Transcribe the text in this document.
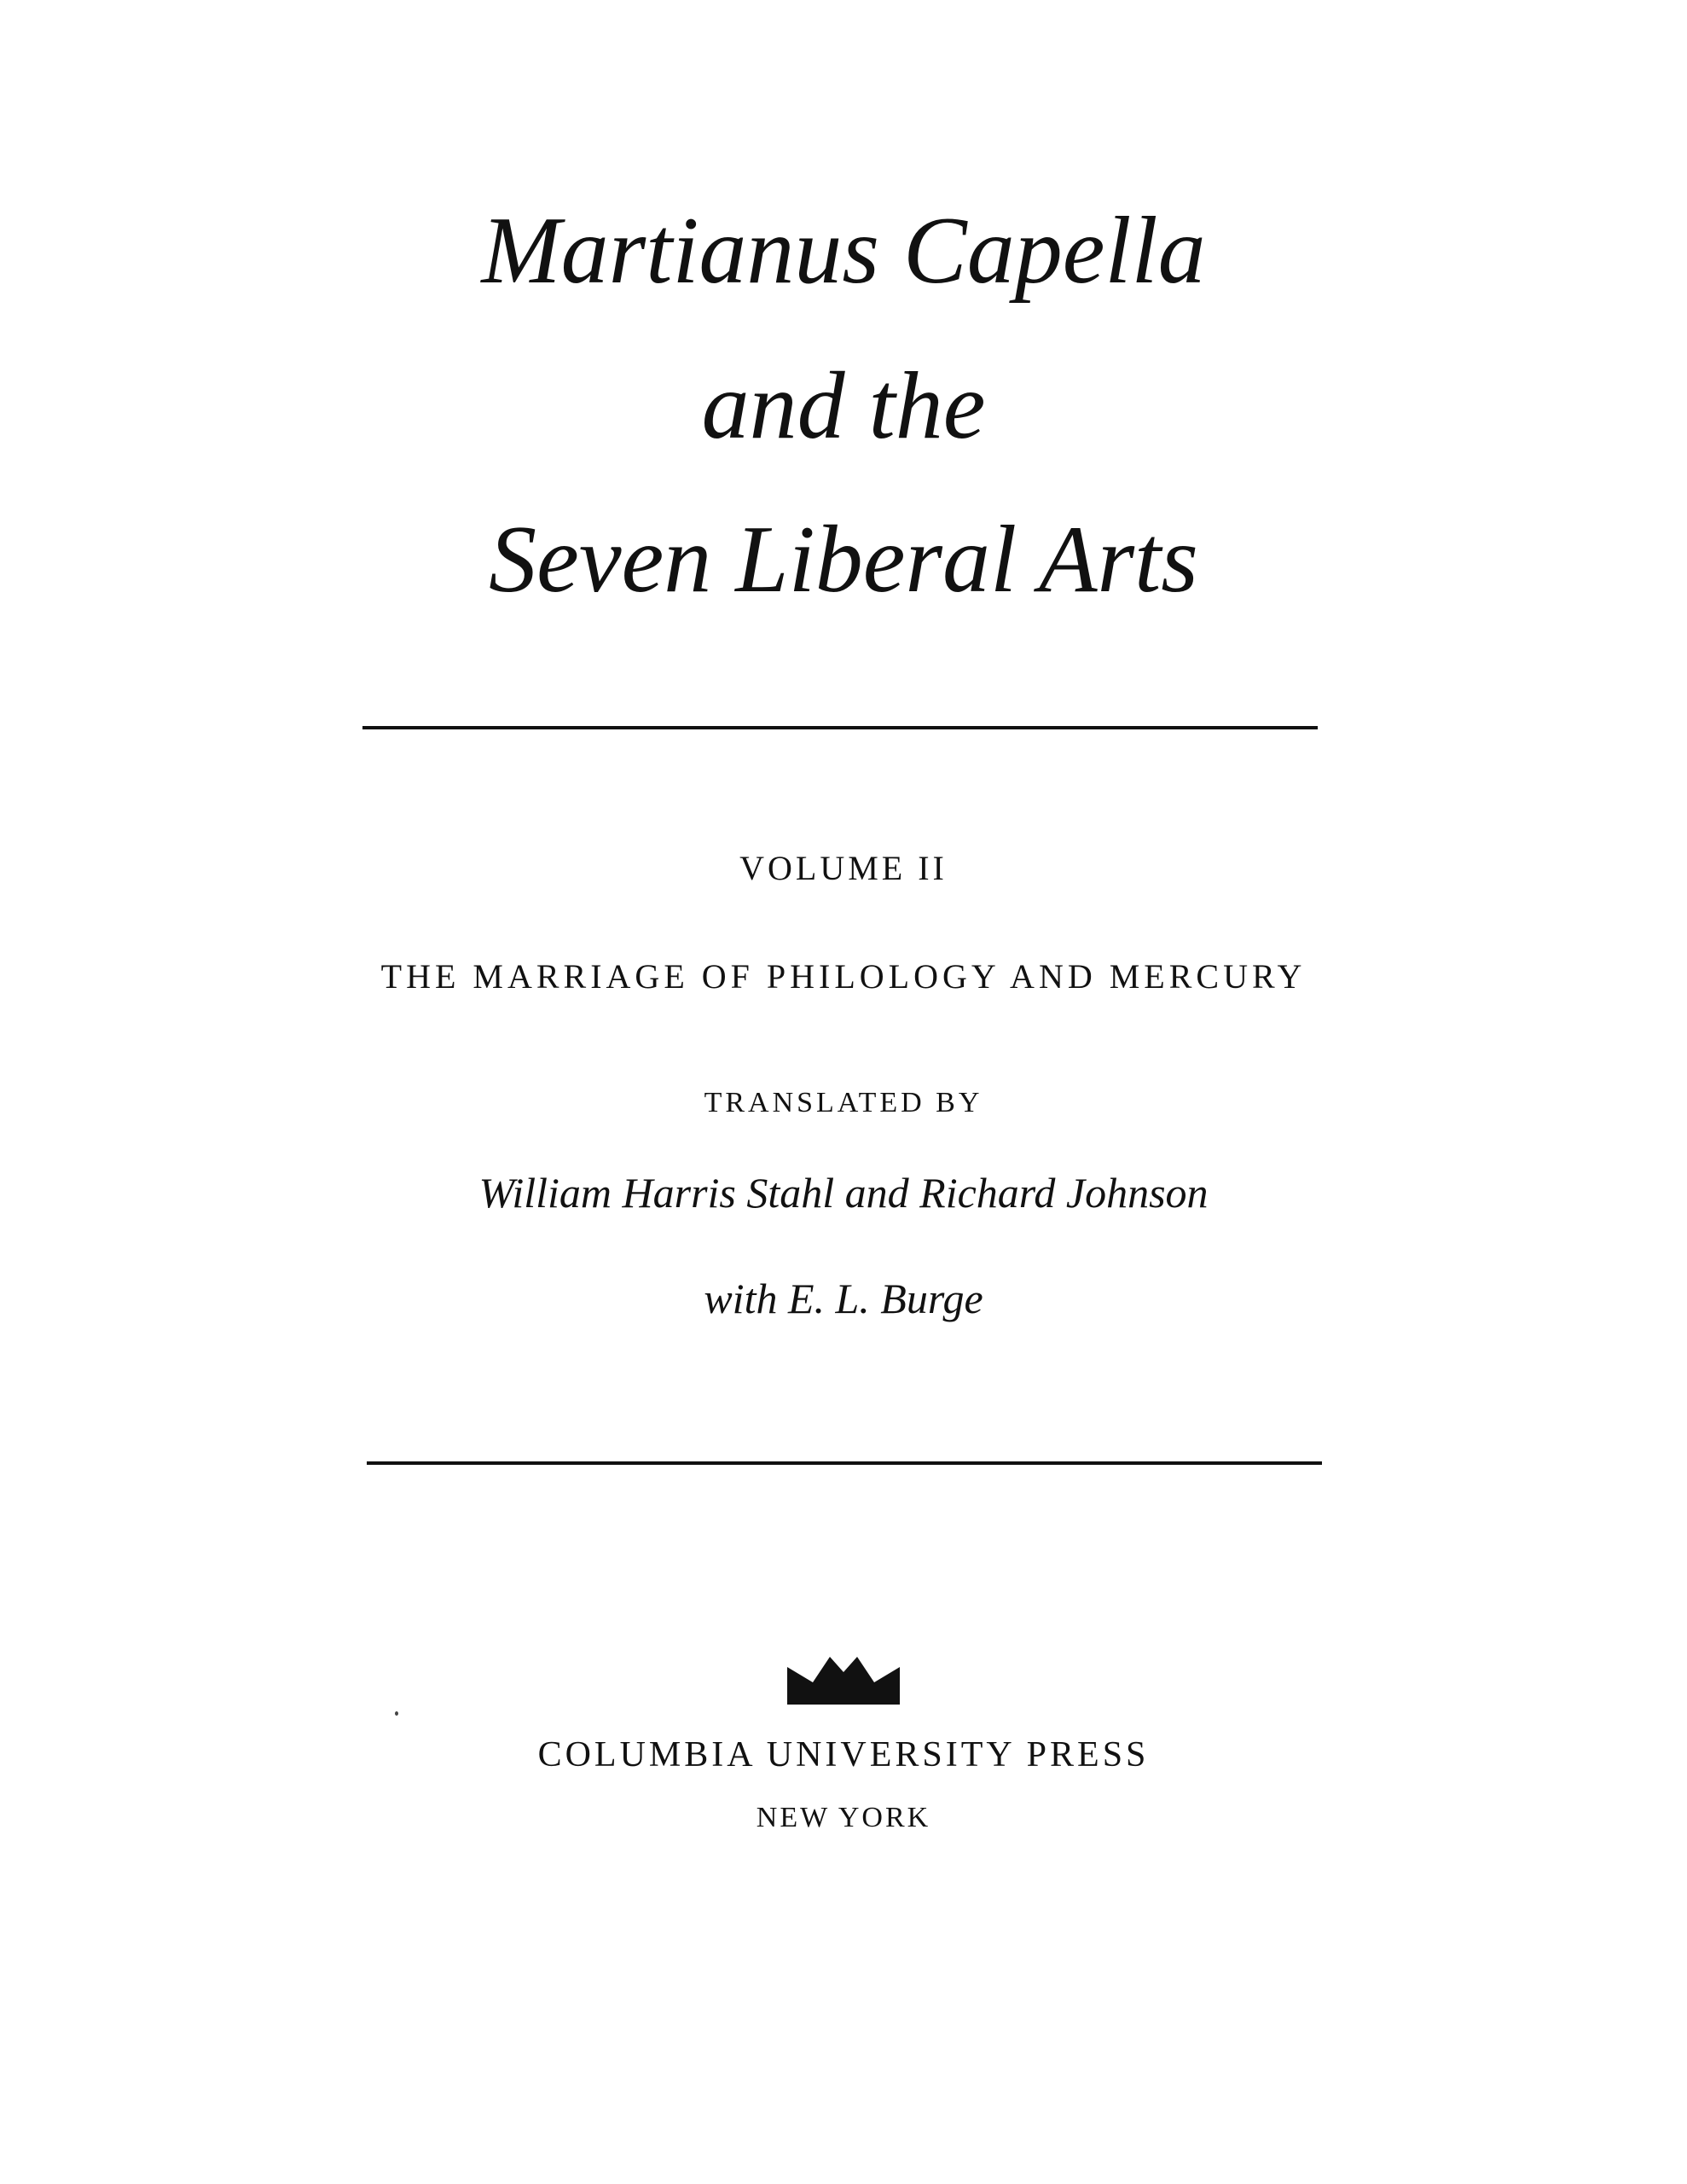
Martianus Capella
and the
Seven Liberal Arts
VOLUME II
THE MARRIAGE OF PHILOLOGY AND MERCURY
TRANSLATED BY
William Harris Stahl and Richard Johnson
with E. L. Burge
COLUMBIA UNIVERSITY PRESS
NEW YORK
